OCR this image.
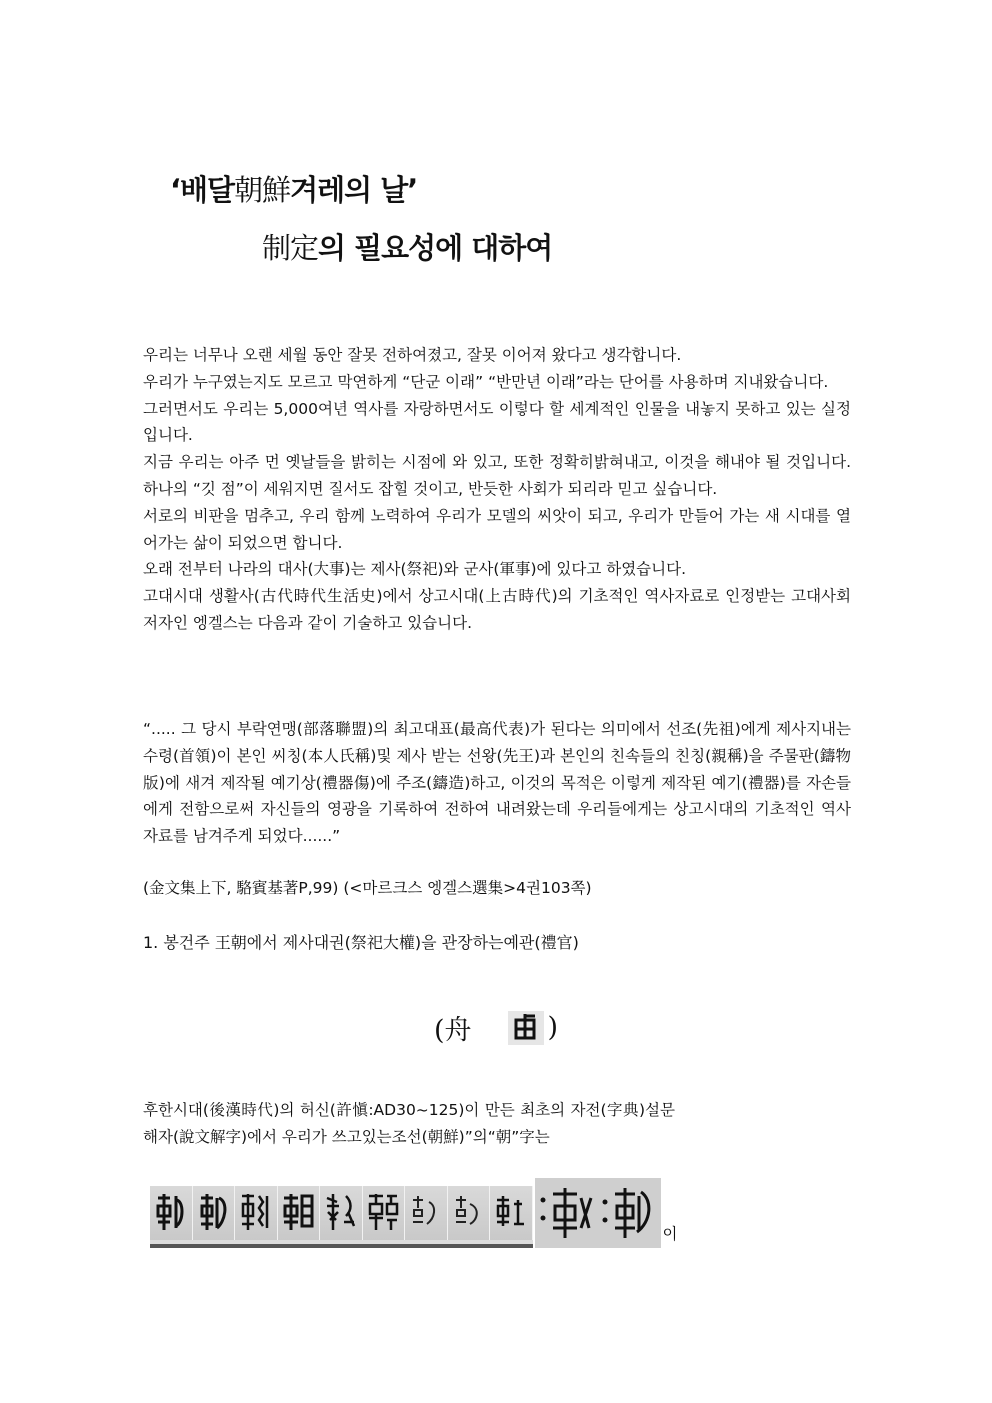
‘배달朝鮮겨레의 날’
制定의 필요성에 대하여

우리는 너무나 오랜 세월 동안 잘못 전하여졌고, 잘못 이어져 왔다고 생각합니다.

우리가 누구였는지도 모르고 막연하게 “단군 이래” “반만년 이래”라는 단어를 사용하며 지내왔습니다.

그러면서도 우리는 5,000여년 역사를 자랑하면서도 이렇다 할 세계적인 인물을 내놓지 못하고 있는 실정입니다.

지금 우리는 아주 먼 옛날들을 밝히는 시점에 와 있고, 또한 정확히밝혀내고, 이것을 해내야 될 것입니다. 하나의 “깃 점”이 세워지면 질서도 잡힐 것이고, 반듯한 사회가 되리라 믿고 싶습니다.

서로의 비판을 멈추고, 우리 함께 노력하여 우리가 모델의 씨앗이 되고, 우리가 만들어 가는 새 시대를 열어가는 삶이 되었으면 합니다.

오래 전부터 나라의 대사(大事)는 제사(祭祀)와 군사(軍事)에 있다고 하였습니다.

고대시대 생활사(古代時代生活史)에서 상고시대(上古時代)의 기초적인 역사자료로 인정받는 고대사회 저자인 엥겔스는 다음과 같이 기술하고 있습니다.

“..... 그 당시 부락연맹(部落聯盟)의 최고대표(最高代表)가 된다는 의미에서 선조(先祖)에게 제사지내는 수령(首領)이 본인 씨칭(本人氏稱)및 제사 받는 선왕(先王)과 본인의 친속들의 친칭(親稱)을 주물판(鑄物版)에 새겨 제작될 예기상(禮器傷)에 주조(鑄造)하고, 이것의 목적은 이렇게 제작된 예기(禮器)를 자손들에게 전함으로써 자신들의 영광을 기록하여 전하여 내려왔는데 우리들에게는 상고시대의 기초적인 역사자료를 남겨주게 되었다......”
(金文集上下, 駱賓基著P,99) (<마르크스 엥겔스選集>4권103쪽)
1. 봉건주 王朝에서 제사대권(祭祀大權)을 관장하는예관(禮官)
(舟	)
후한시대(後漢時代)의 허신(許愼:AD30~125)이 만든 최초의 자전(字典)설문해자(說文解字)에서 우리가 쓰고있는조선(朝鮮)”의“朝”字는
이
